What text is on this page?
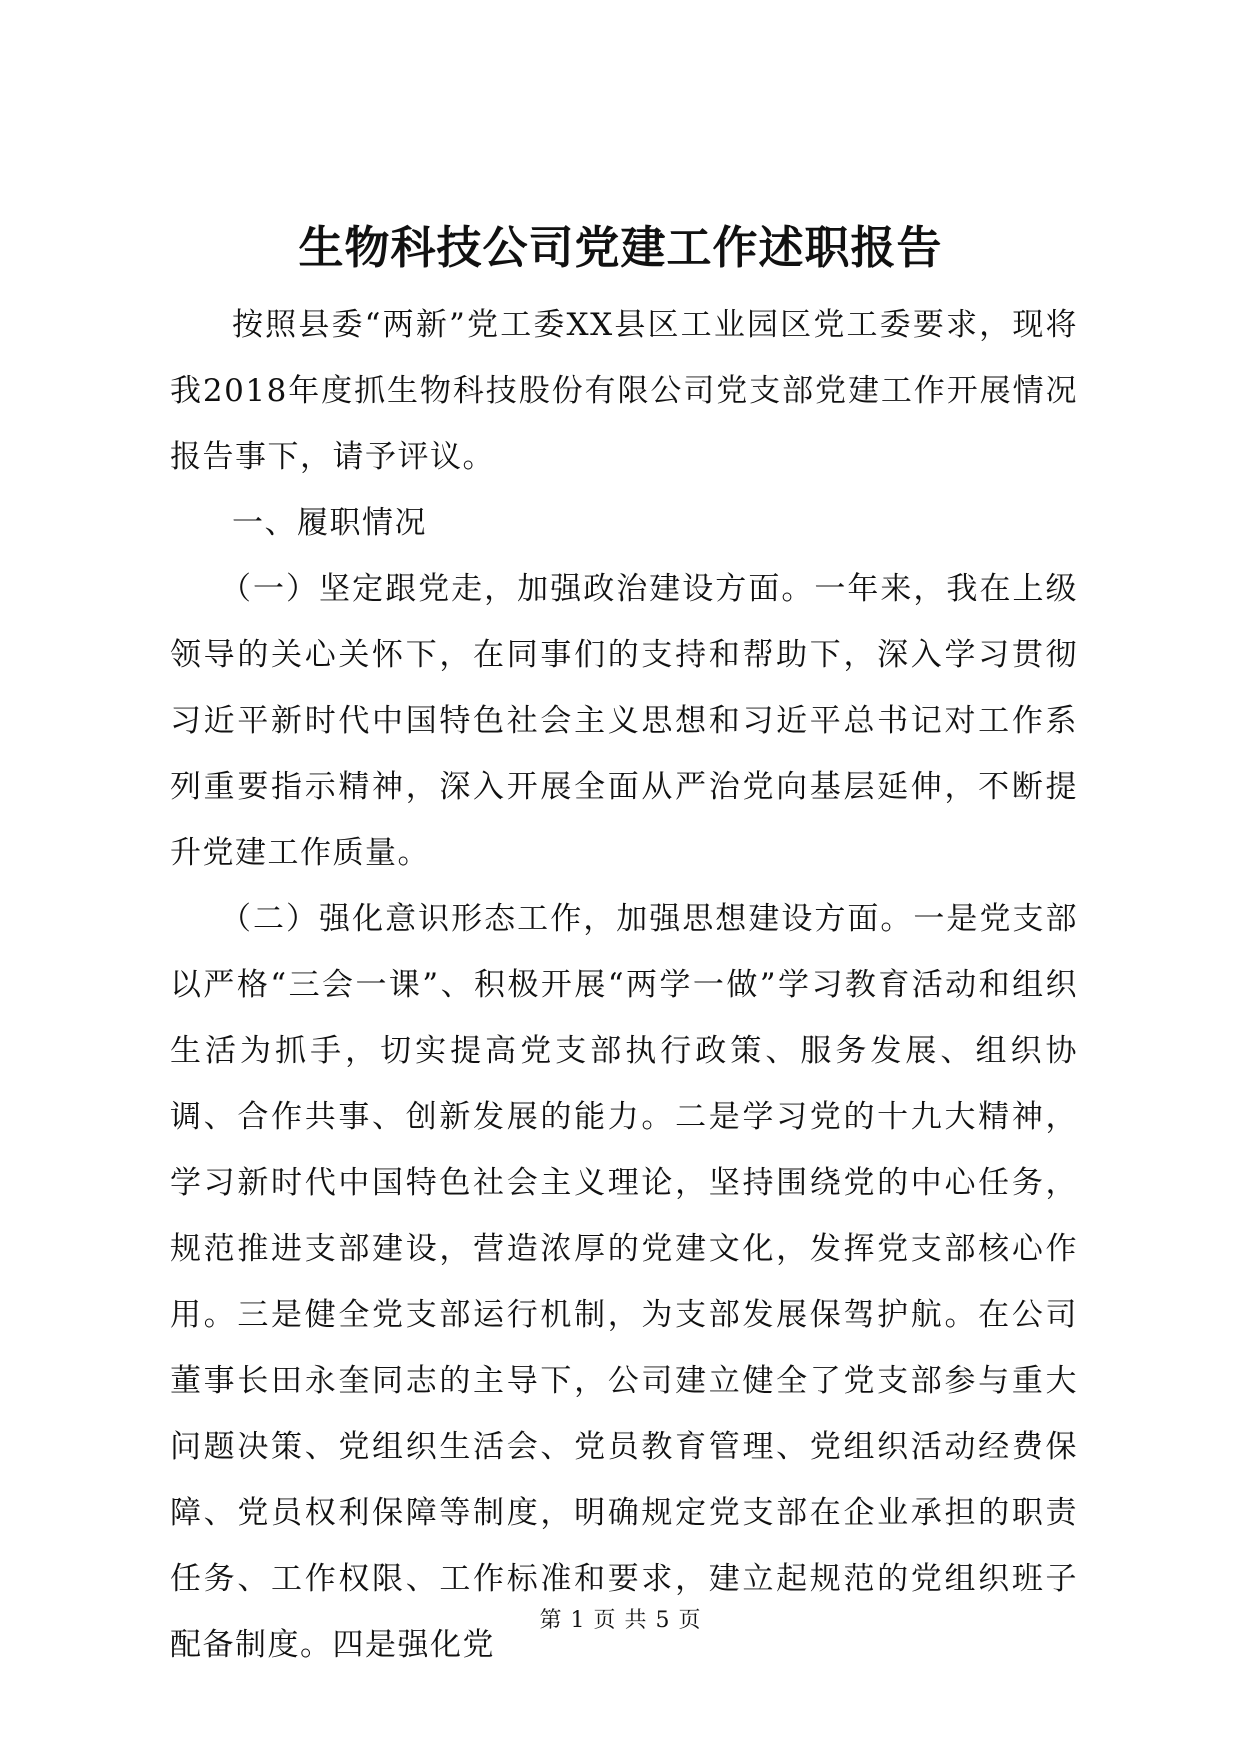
生物科技公司党建工作述职报告

按照县委“两新”党工委XX县区工业园区党工委要求，现将我2018年度抓生物科技股份有限公司党支部党建工作开展情况报告事下，请予评议。

一、履职情况

（一）坚定跟党走，加强政治建设方面。一年来，我在上级领导的关心关怀下，在同事们的支持和帮助下，深入学习贯彻习近平新时代中国特色社会主义思想和习近平总书记对工作系列重要指示精神，深入开展全面从严治党向基层延伸，不断提升党建工作质量。

（二）强化意识形态工作，加强思想建设方面。一是党支部以严格“三会一课”、积极开展“两学一做”学习教育活动和组织生活为抓手，切实提高党支部执行政策、服务发展、组织协调、合作共事、创新发展的能力。二是学习党的十九大精神，学习新时代中国特色社会主义理论，坚持围绕党的中心任务，规范推进支部建设，营造浓厚的党建文化，发挥党支部核心作用。三是健全党支部运行机制，为支部发展保驾护航。在公司董事长田永奎同志的主导下，公司建立健全了党支部参与重大问题决策、党组织生活会、党员教育管理、党组织活动经费保障、党员权利保障等制度，明确规定党支部在企业承担的职责任务、工作权限、工作标准和要求，建立起规范的党组织班子配备制度。四是强化党

第 1 页 共 5 页
